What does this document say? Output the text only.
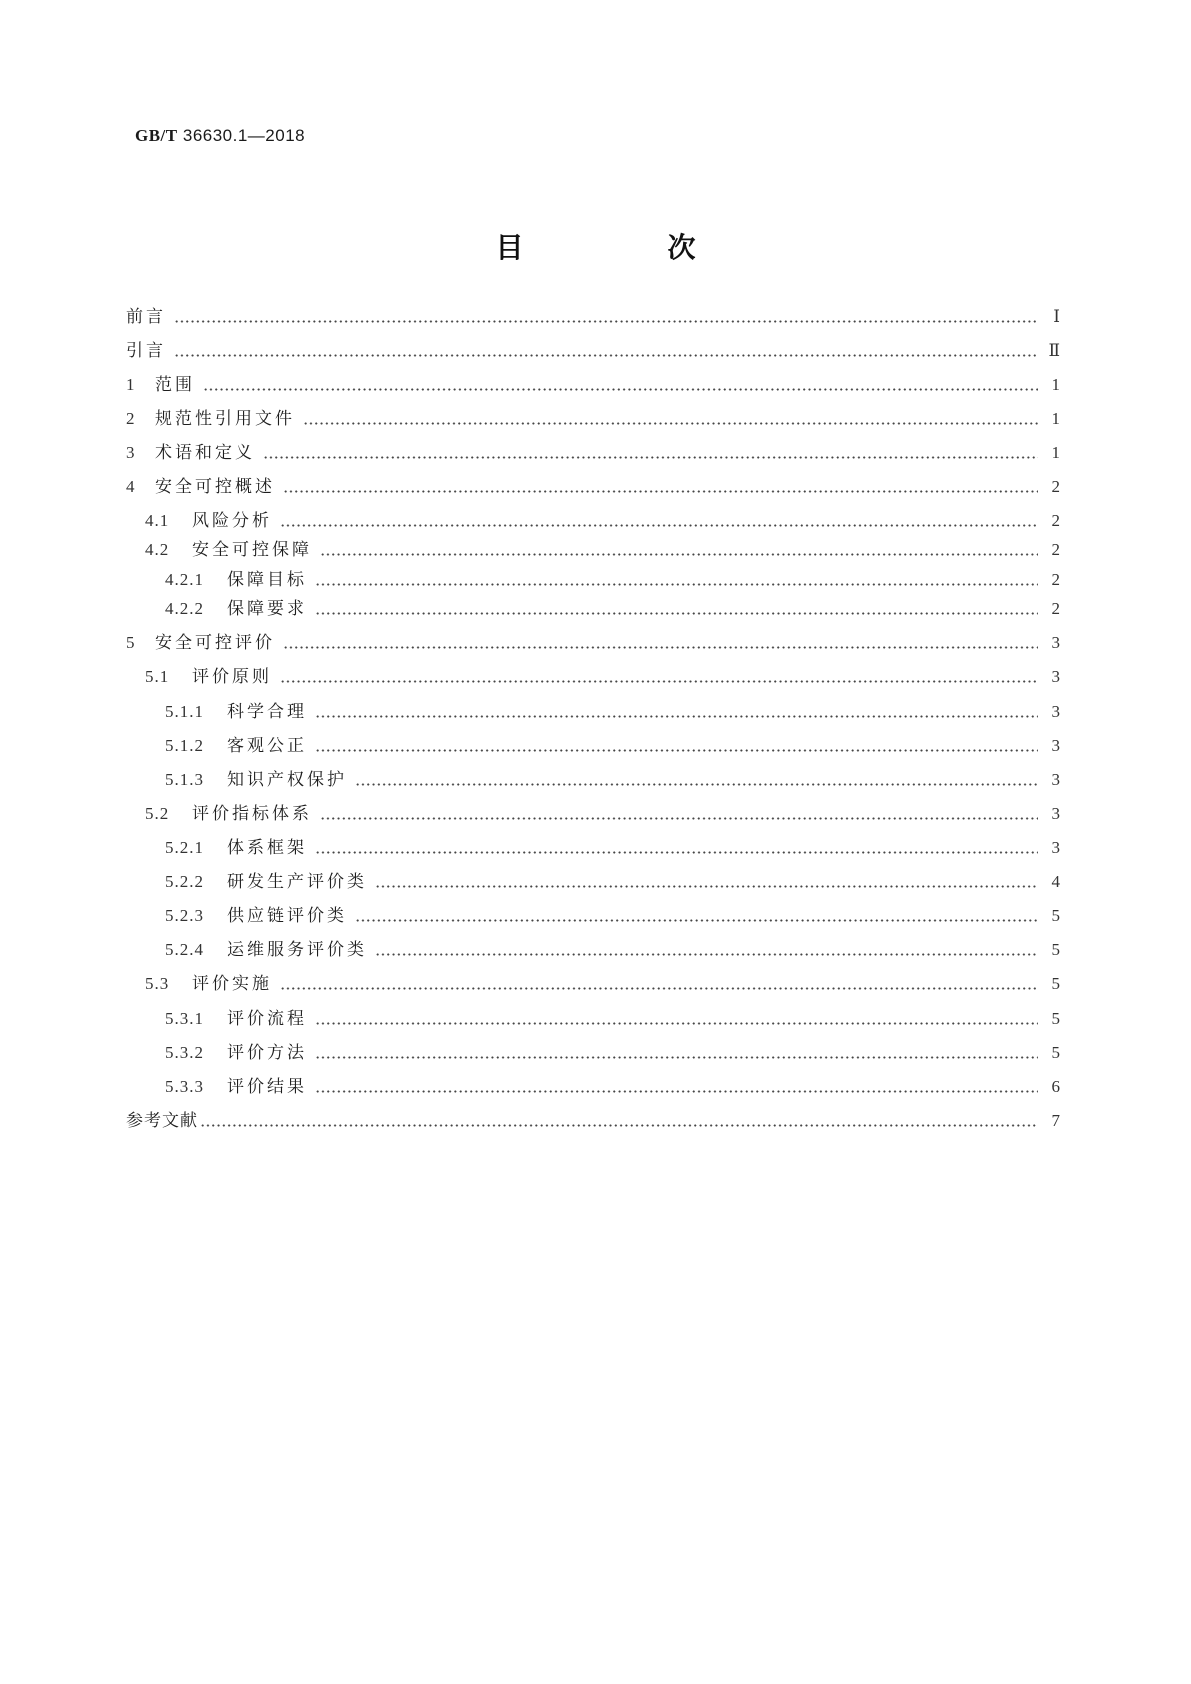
GB/T 36630.1—2018
目　次
前言	Ⅰ
引言	Ⅱ
1	范围	1
2	规范性引用文件	1
3	术语和定义	1
4	安全可控概述	2
4.1	风险分析	2
4.2	安全可控保障	2
4.2.1	保障目标	2
4.2.2	保障要求	2
5	安全可控评价	3
5.1	评价原则	3
5.1.1	科学合理	3
5.1.2	客观公正	3
5.1.3	知识产权保护	3
5.2	评价指标体系	3
5.2.1	体系框架	3
5.2.2	研发生产评价类	4
5.2.3	供应链评价类	5
5.2.4	运维服务评价类	5
5.3	评价实施	5
5.3.1	评价流程	5
5.3.2	评价方法	5
5.3.3	评价结果	6
参考文献	7
